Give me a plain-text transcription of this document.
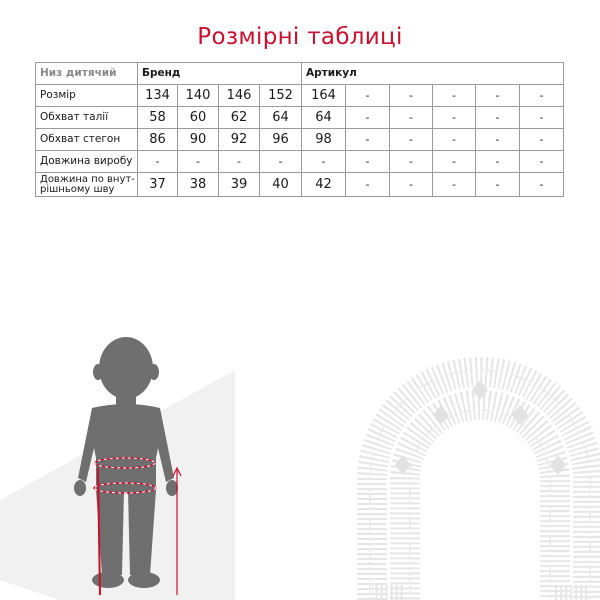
Розмірні таблиці
Низ дитячий	Бренд				Артикул					
Розмір	134	140	146	152	164	-	-	-	-	-
Обхват талії	58	60	62	64	64	-	-	-	-	-
Обхват стегон	86	90	92	96	98	-	-	-	-	-
Довжина виробу	-	-	-	-	-	-	-	-	-	-
Довжина по внут-
рішньому шву	37	38	39	40	42	-	-	-	-	-
